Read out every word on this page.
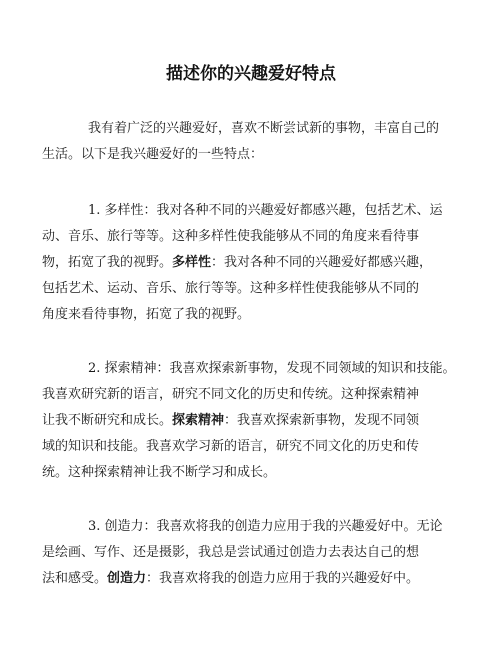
描述你的兴趣爱好特点
我有着广泛的兴趣爱好，喜欢不断尝试新的事物，丰富自己的
生活。以下是我兴趣爱好的一些特点：
1. 多样性：我对各种不同的兴趣爱好都感兴趣，包括艺术、运
动、音乐、旅行等等。这种多样性使我能够从不同的角度来看待事
物，拓宽了我的视野。多样性：我对各种不同的兴趣爱好都感兴趣，
包括艺术、运动、音乐、旅行等等。这种多样性使我能够从不同的
角度来看待事物，拓宽了我的视野。
2. 探索精神：我喜欢探索新事物，发现不同领域的知识和技能。
我喜欢研究新的语言，研究不同文化的历史和传统。这种探索精神
让我不断研究和成长。探索精神：我喜欢探索新事物，发现不同领
域的知识和技能。我喜欢学习新的语言，研究不同文化的历史和传
统。这种探索精神让我不断学习和成长。
3. 创造力：我喜欢将我的创造力应用于我的兴趣爱好中。无论
是绘画、写作、还是摄影，我总是尝试通过创造力去表达自己的想
法和感受。创造力：我喜欢将我的创造力应用于我的兴趣爱好中。
